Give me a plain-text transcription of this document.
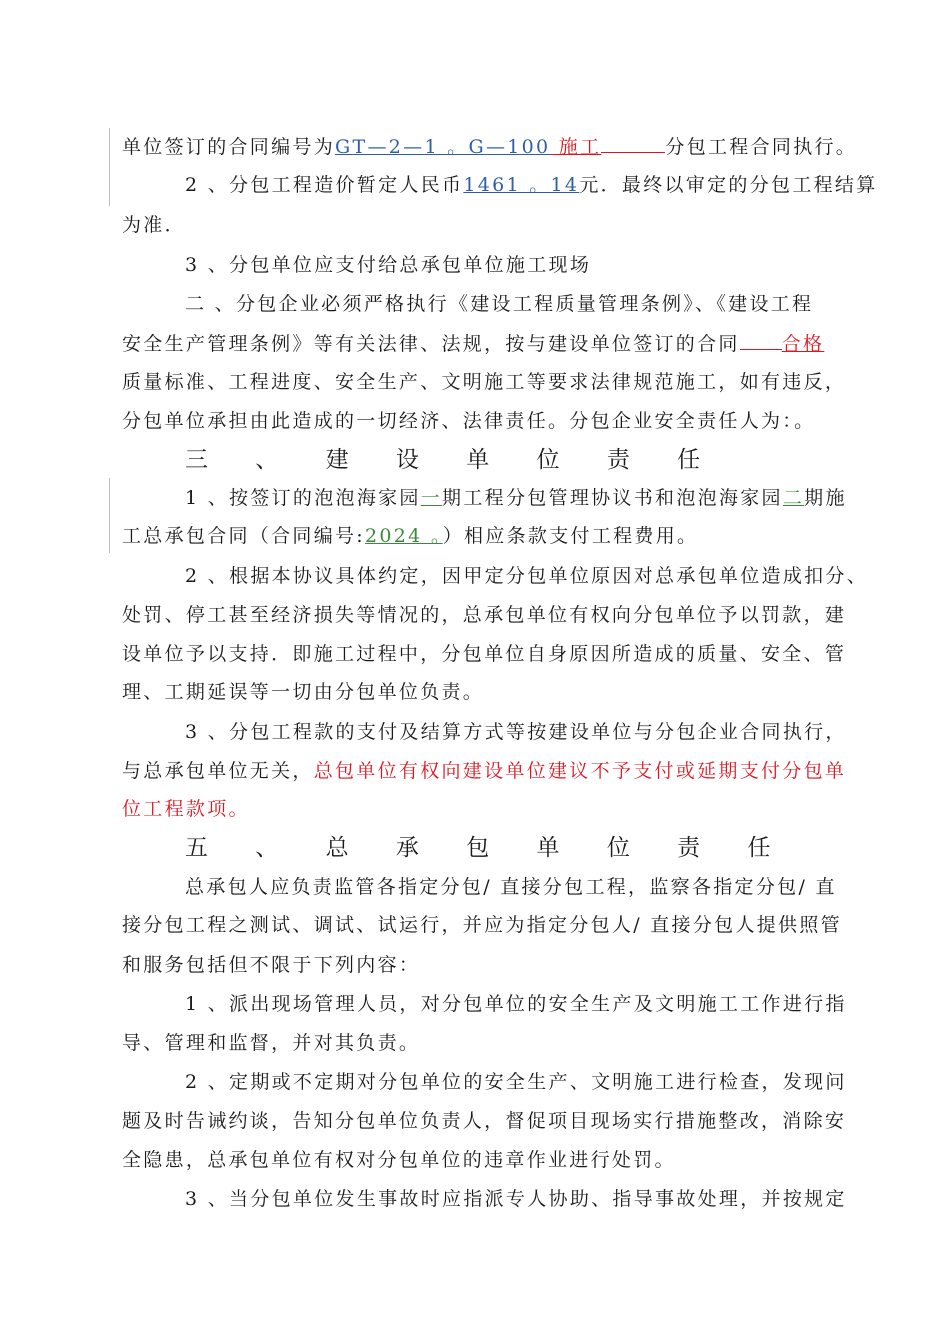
单位签订的合同编号为GT—2—1 。G—100 施工	分包工程合同执行。
2 、分包工程造价暂定人民币1461 。14元．最终以审定的分包工程结算
为准．
3 、分包单位应支付给总承包单位施工现场
二 、分包企业必须严格执行《建设工程质量管理条例》、《建设工程
安全生产管理条例》等有关法律、法规，按与建设单位签订的合同 合格
质量标准、工程进度、安全生产、文明施工等要求法律规范施工，如有违反，
分包单位承担由此造成的一切经济、法律责任。分包企业安全责任人为：。
三 、 建 设 单 位 责 任
1 、按签订的泡泡海家园一期工程分包管理协议书和泡泡海家园二期施
工总承包合同（合同编号:2024 。）相应条款支付工程费用。
2 、根据本协议具体约定，因甲定分包单位原因对总承包单位造成扣分、
处罚、停工甚至经济损失等情况的，总承包单位有权向分包单位予以罚款，建
设单位予以支持．即施工过程中，分包单位自身原因所造成的质量、安全、管
理、工期延误等一切由分包单位负责。
3 、分包工程款的支付及结算方式等按建设单位与分包企业合同执行，
与总承包单位无关，总包单位有权向建设单位建议不予支付或延期支付分包单
位工程款项。
五 、 总 承 包 单 位 责 任
总承包人应负责监管各指定分包/ 直接分包工程，监察各指定分包/ 直
接分包工程之测试、调试、试运行，并应为指定分包人/ 直接分包人提供照管
和服务包括但不限于下列内容：
1 、派出现场管理人员，对分包单位的安全生产及文明施工工作进行指
导、管理和监督，并对其负责。
2 、定期或不定期对分包单位的安全生产、文明施工进行检查，发现问
题及时告诫约谈，告知分包单位负责人，督促项目现场实行措施整改，消除安
全隐患，总承包单位有权对分包单位的违章作业进行处罚。
3 、当分包单位发生事故时应指派专人协助、指导事故处理，并按规定
